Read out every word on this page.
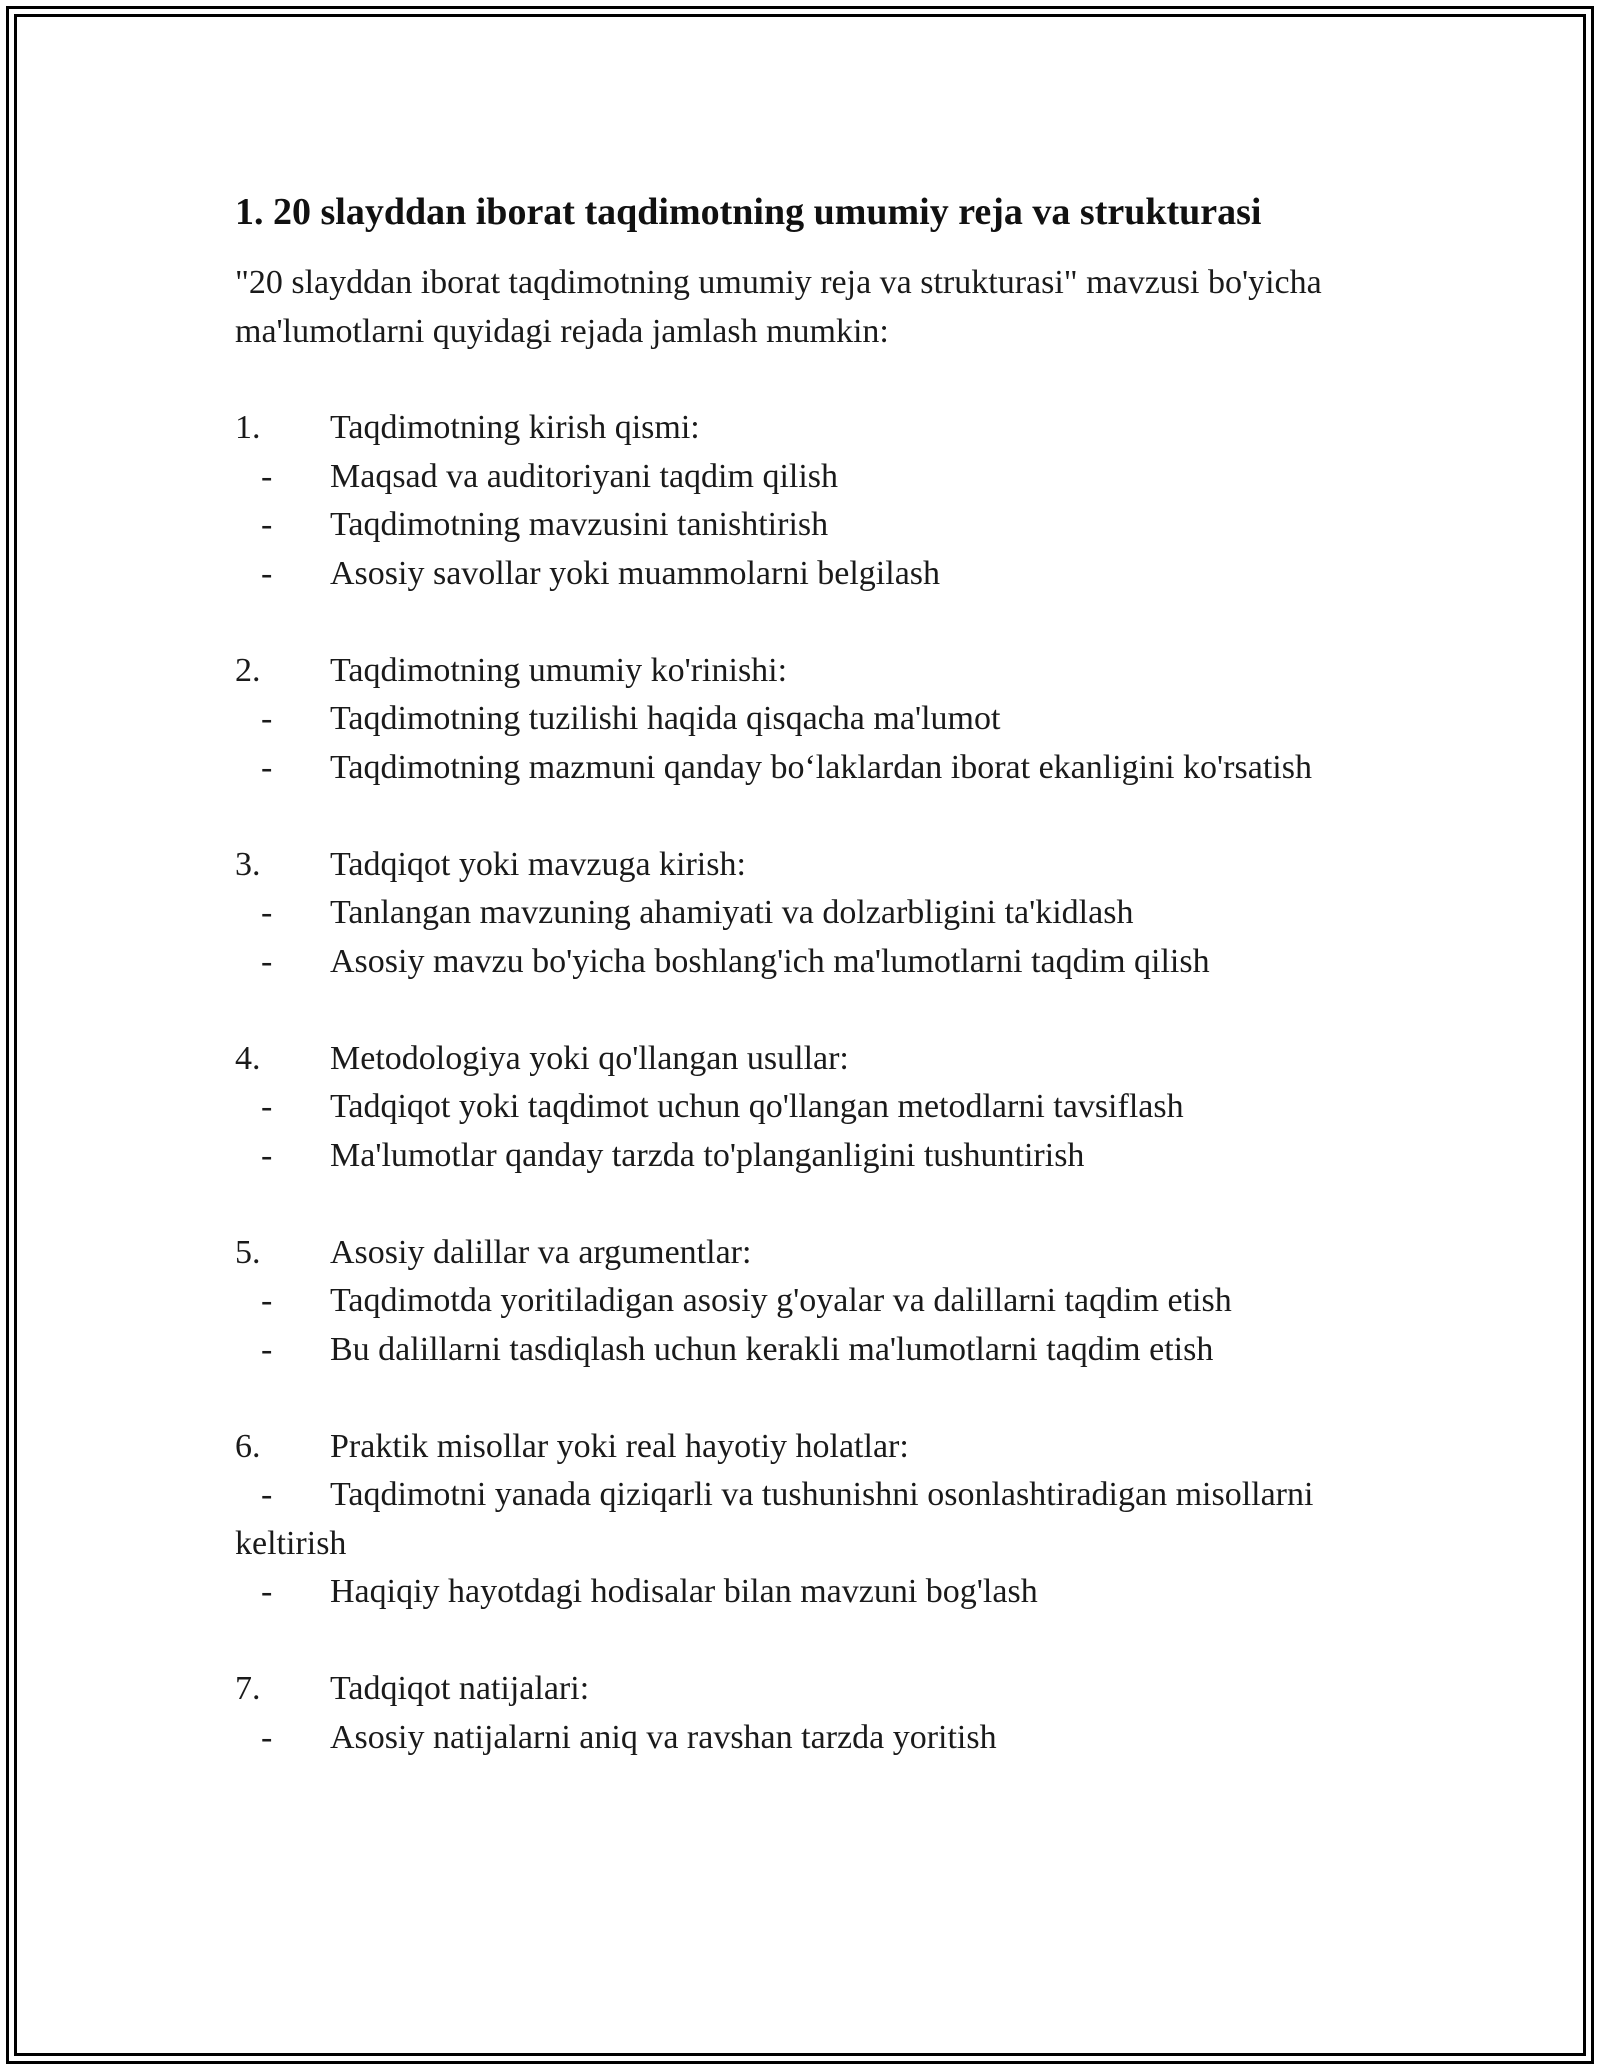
1. 20 slayddan iborat taqdimotning umumiy reja va strukturasi

"20 slayddan iborat taqdimotning umumiy reja va strukturasi" mavzusi bo'yicha ma'lumotlarni quyidagi rejada jamlash mumkin:

1. Taqdimotning kirish qismi:
- Maqsad va auditoriyani taqdim qilish
- Taqdimotning mavzusini tanishtirish
- Asosiy savollar yoki muammolarni belgilash
2. Taqdimotning umumiy ko'rinishi:
- Taqdimotning tuzilishi haqida qisqacha ma'lumot
- Taqdimotning mazmuni qanday bo‘laklardan iborat ekanligini ko'rsatish
3. Tadqiqot yoki mavzuga kirish:
- Tanlangan mavzuning ahamiyati va dolzarbligini ta'kidlash
- Asosiy mavzu bo'yicha boshlang'ich ma'lumotlarni taqdim qilish
4. Metodologiya yoki qo'llangan usullar:
- Tadqiqot yoki taqdimot uchun qo'llangan metodlarni tavsiflash
- Ma'lumotlar qanday tarzda to'planganligini tushuntirish
5. Asosiy dalillar va argumentlar:
- Taqdimotda yoritiladigan asosiy g'oyalar va dalillarni taqdim etish
- Bu dalillarni tasdiqlash uchun kerakli ma'lumotlarni taqdim etish
6. Praktik misollar yoki real hayotiy holatlar:
- Taqdimotni yanada qiziqarli va tushunishni osonlashtiradigan misollarni keltirish
- Haqiqiy hayotdagi hodisalar bilan mavzuni bog'lash
7. Tadqiqot natijalari:
- Asosiy natijalarni aniq va ravshan tarzda yoritish
